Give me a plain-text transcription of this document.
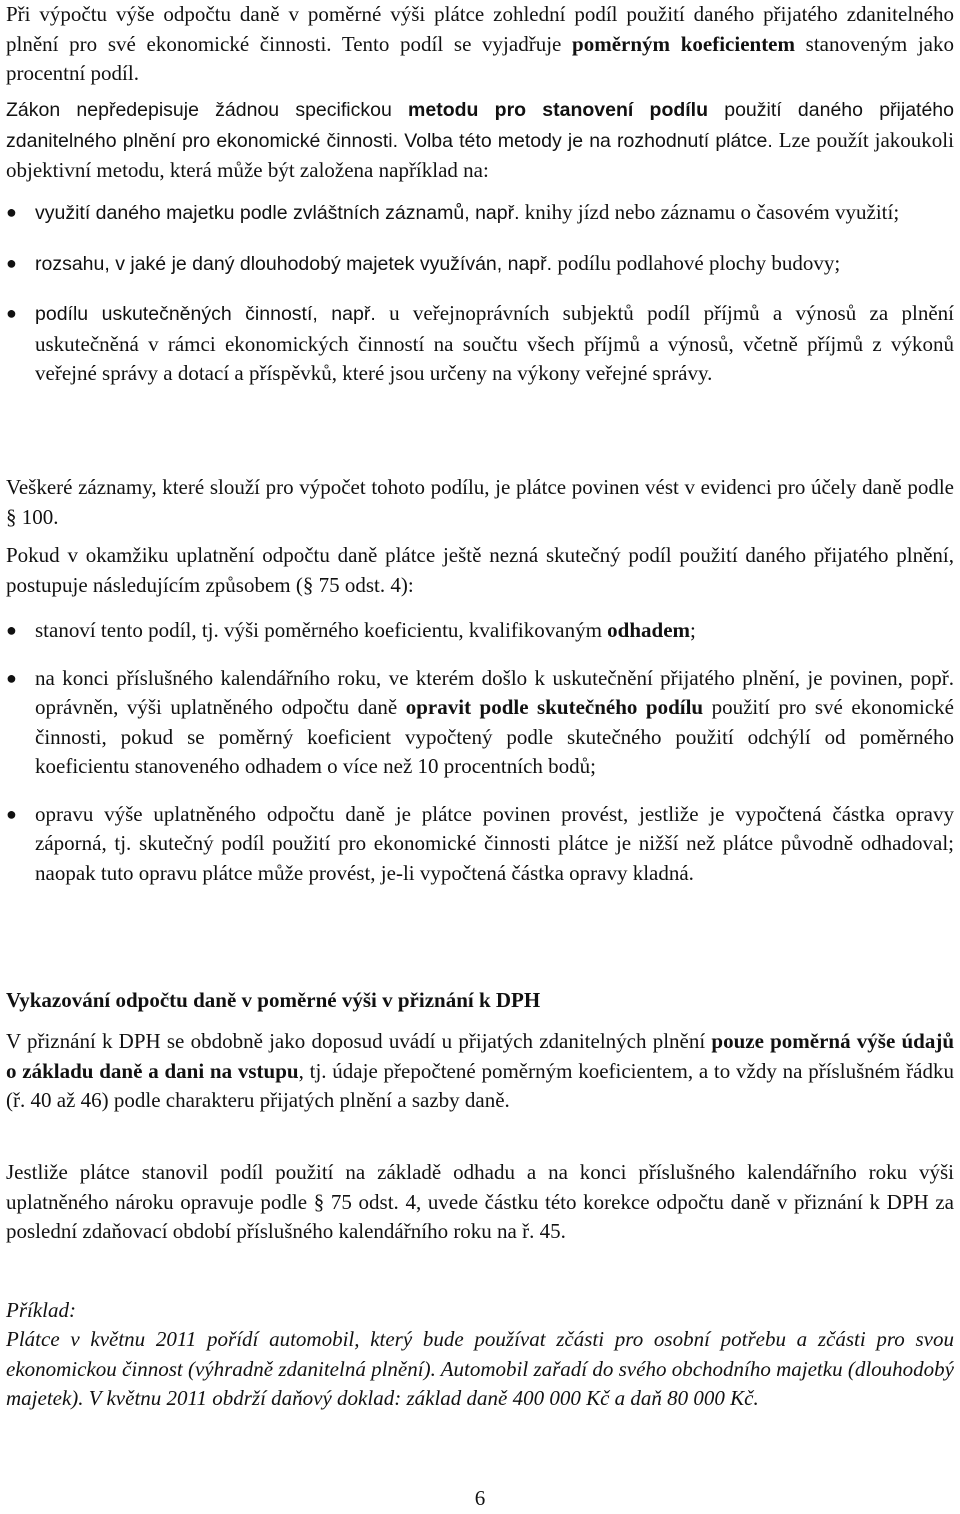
Při výpočtu výše odpočtu daně v poměrné výši plátce zohlední podíl použití daného přijatého zdanitelného plnění pro své ekonomické činnosti. Tento podíl se vyjadřuje poměrným koeficientem stanoveným jako procentní podíl.

Zákon nepředepisuje žádnou specifickou metodu pro stanovení podílu použití daného přijatého zdanitelného plnění pro ekonomické činnosti. Volba této metody je na rozhodnutí plátce. Lze použít jakoukoli objektivní metodu, která může být založena například na:

● využití daného majetku podle zvláštních záznamů, např. knihy jízd nebo záznamu o časovém využití;
● rozsahu, v jaké je daný dlouhodobý majetek využíván, např. podílu podlahové plochy budovy;
● podílu uskutečněných činností, např. u veřejnoprávních subjektů podíl příjmů a výnosů za plnění uskutečněná v rámci ekonomických činností na součtu všech příjmů a výnosů, včetně příjmů z výkonů veřejné správy a dotací a příspěvků, které jsou určeny na výkony veřejné správy.

Veškeré záznamy, které slouží pro výpočet tohoto podílu, je plátce povinen vést v evidenci pro účely daně podle § 100.

Pokud v okamžiku uplatnění odpočtu daně plátce ještě nezná skutečný podíl použití daného přijatého plnění, postupuje následujícím způsobem (§ 75 odst. 4):

● stanoví tento podíl, tj. výši poměrného koeficientu, kvalifikovaným odhadem;
● na konci příslušného kalendářního roku, ve kterém došlo k uskutečnění přijatého plnění, je povinen, popř. oprávněn, výši uplatněného odpočtu daně opravit podle skutečného podílu použití pro své ekonomické činnosti, pokud se poměrný koeficient vypočtený podle skutečného použití odchýlí od poměrného koeficientu stanoveného odhadem o více než 10 procentních bodů;
● opravu výše uplatněného odpočtu daně je plátce povinen provést, jestliže je vypočtená částka opravy záporná, tj. skutečný podíl použití pro ekonomické činnosti plátce je nižší než plátce původně odhadoval; naopak tuto opravu plátce může provést, je-li vypočtená částka opravy kladná.

Vykazování odpočtu daně v poměrné výši v přiznání k DPH

V přiznání k DPH se obdobně jako doposud uvádí u přijatých zdanitelných plnění pouze poměrná výše údajů o základu daně a dani na vstupu, tj. údaje přepočtené poměrným koeficientem, a to vždy na příslušném řádku (ř. 40 až 46) podle charakteru přijatých plnění a sazby daně.

Jestliže plátce stanovil podíl použití na základě odhadu a na konci příslušného kalendářního roku výši uplatněného nároku opravuje podle § 75 odst. 4, uvede částku této korekce odpočtu daně v přiznání k DPH za poslední zdaňovací období příslušného kalendářního roku na ř. 45.

Příklad:

Plátce v květnu 2011 pořídí automobil, který bude používat zčásti pro osobní potřebu a zčásti pro svou ekonomickou činnost (výhradně zdanitelná plnění). Automobil zařadí do svého obchodního majetku (dlouhodobý majetek). V květnu 2011 obdrží daňový doklad: základ daně 400 000 Kč a daň 80 000 Kč.

6
